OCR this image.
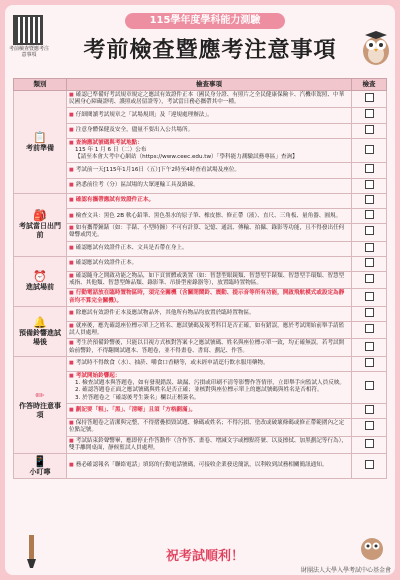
考前檢查暨應考注意事項
115學年度學科能力測驗
考前檢查暨應考注意事項
類別	檢查事項	檢查

📋
考前準備	■ 確認已準備好考試規章規定之應試有效證件正本（國民身分證、有照片之全民健康保險卡、汽機車駕照、中華民國身心障礙證明、護照或居留證等），考試當日務必攜帶其中一種。	
	■ 仔細閱讀考試規章之「試場規則」及「違規處理辦法」。	
	■ 注意身體保健及安全，儘量不要出入公共場所。	
	■ 查詢應試號碼與考試地點：
115 年 1 月 6 日（二）公布
【請至本會大考中心網站（https://www.ceec.edu.tw）「學科能力測驗試務專區」查詢】	

	■ 考試前一天[115年1月16日（五）]下午2時至4時查看試場及座位。	
	■ 熟悉前往考（分）區試場的大眾運輸工具及路線。	

🎒
考試當日出門前	■ 確認有攜帶應試有效證件正本。	
	■ 檢查文具：黑色 2B 軟心鉛筆、黑色墨水的原子筆、橡皮擦、修正帶（液）、直尺、三角板、量角器、圓規。	
	■ 如有攜帶鐘錶（如：手錶、小型時鐘）不可有計算、記憶、通訊、傳輸、拍攝、錄影等功能，且不得發出任何聲響或閃光。	
	■ 確認應試有效證件正本、文具是否帶在身上。	

⏰
進試場前	■ 確認應試有效證件正本。	
	■ 確認隨身之開啟功能之物品，如下頁實體或裝置（如：智慧型眼鏡類、智慧型手錶類、智慧型手環類、智慧型戒指、其他類、智慧型飾品類、錄影筆、吊掛型密錄器等），放置臨時置物區。	
	■ 行動電話放在臨時置物區時，須完全關機（含關閉鬧鈴、震動、提示音等所有功能，開啟飛航模式或設定為靜音均不算完全關機）。	

🔔
預備鈴響進試場後	■ 除應試有效證件正本及應試物品外，其他所有物品均放置於臨時置物區。	
	■ 就座後，應先確認座位標示單上之姓名、應試號碼及報考科目是否正確，如有錯誤，應於考試開始前舉手請監試人員處理。	
	■ 考生於預備鈴響後，只能以目視方式核對答案卡之應試號碼、姓名與座位標示單一致，均正確無誤。若考試開始前響鈴，不得翻閱試題本、答題卷，並不得畫卷、書寫、劃記、作答。	

✏
作答時注意事項	■ 考試時不得飲食（水）、抽菸、嚼食口香糖等，或未經申請逕行飲水服用藥物。	
	■ 考試開始鈴響起：
1. 檢查試題本與答題卷，如有發現錯誤、缺漏、污損或印刷不清等影響作答情形，立即舉手向監試人員反映。
2. 確認答題卷正面之應試號碼與姓名是否正確；並核對與座位標示單上的應試號碼與姓名是否相符。
3. 於答題卷之「確認後考生簽名」欄以正楷簽名。	

	■ 劃記要「粗」、「黑」、「清晰」且須「方格劃滿」。	
	■ 保持答題卷之清潔與完整，不得摺疊損毀試題、條碼或姓名；不得污損、塗改或破壞條碼或修正帶範圍內之定位點記號。	
	■ 考試結束鈴聲響畢，應即停止作答動作（含作答、畫卷、增減文字或標點符號、以及擦拭、加黑劃記等行為），雙手離開桌面，靜候監試人員處理。	

📱
小叮嚀	■ 務必確認報名「聯絡電話」填寫的行動電話號碼，可接收企業發送簡訊，以利收到試務相關簡訊通知。	
祝考試順利！
財團法人大學入學考試中心基金會
